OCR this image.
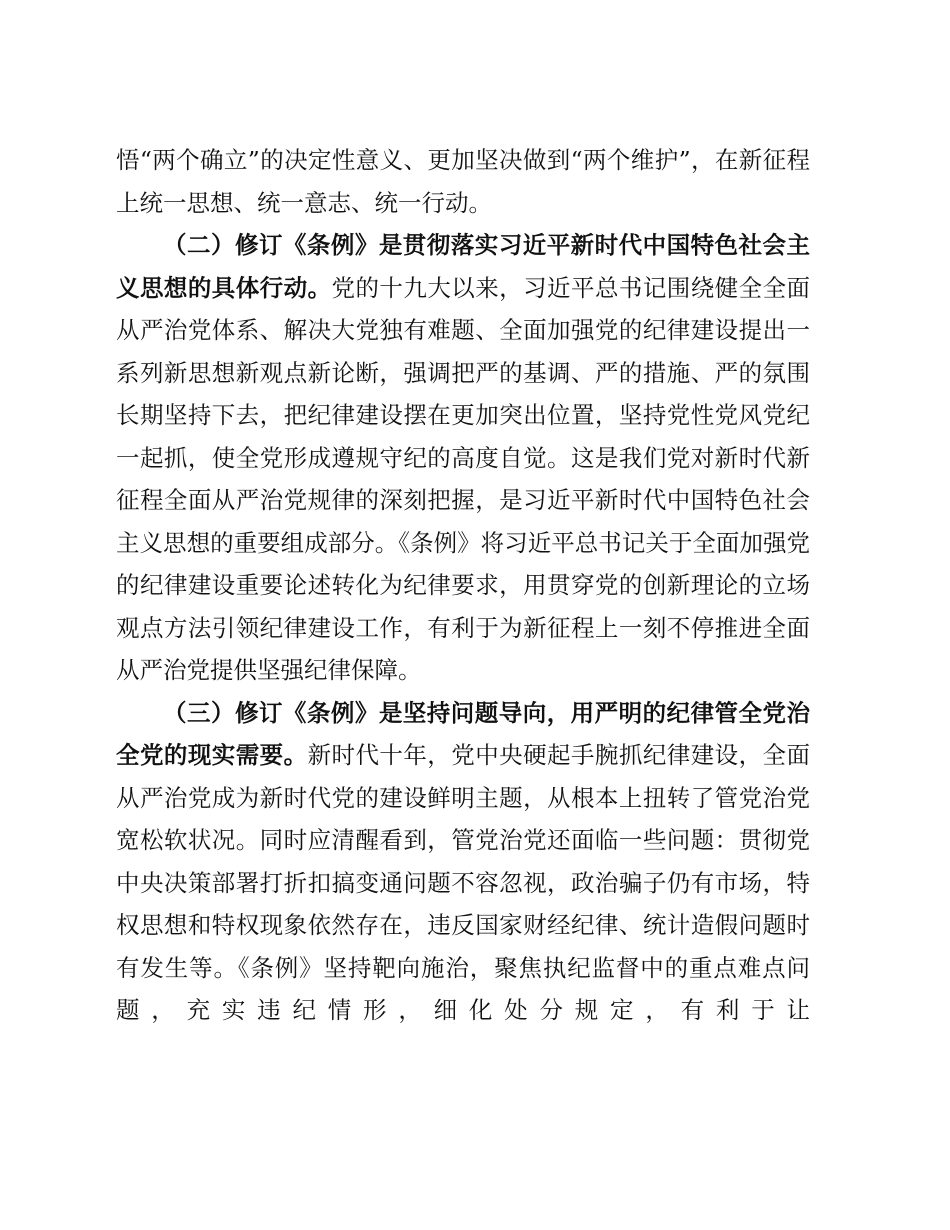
悟“两个确立”的决定性意义、更加坚决做到“两个维护”，在新征程上统一思想、统一意志、统一行动。

（二）修订《条例》是贯彻落实习近平新时代中国特色社会主义思想的具体行动。党的十九大以来，习近平总书记围绕健全全面从严治党体系、解决大党独有难题、全面加强党的纪律建设提出一系列新思想新观点新论断，强调把严的基调、严的措施、严的氛围长期坚持下去，把纪律建设摆在更加突出位置，坚持党性党风党纪一起抓，使全党形成遵规守纪的高度自觉。这是我们党对新时代新征程全面从严治党规律的深刻把握，是习近平新时代中国特色社会主义思想的重要组成部分。《条例》将习近平总书记关于全面加强党的纪律建设重要论述转化为纪律要求，用贯穿党的创新理论的立场观点方法引领纪律建设工作，有利于为新征程上一刻不停推进全面从严治党提供坚强纪律保障。

（三）修订《条例》是坚持问题导向，用严明的纪律管全党治全党的现实需要。新时代十年，党中央硬起手腕抓纪律建设，全面从严治党成为新时代党的建设鲜明主题，从根本上扭转了管党治党宽松软状况。同时应清醒看到，管党治党还面临一些问题：贯彻党中央决策部署打折扣搞变通问题不容忽视，政治骗子仍有市场，特权思想和特权现象依然存在，违反国家财经纪律、统计造假问题时有发生等。《条例》坚持靶向施治，聚焦执纪监督中的重点难点问题，充实违纪情形，细化处分规定，有利于让
